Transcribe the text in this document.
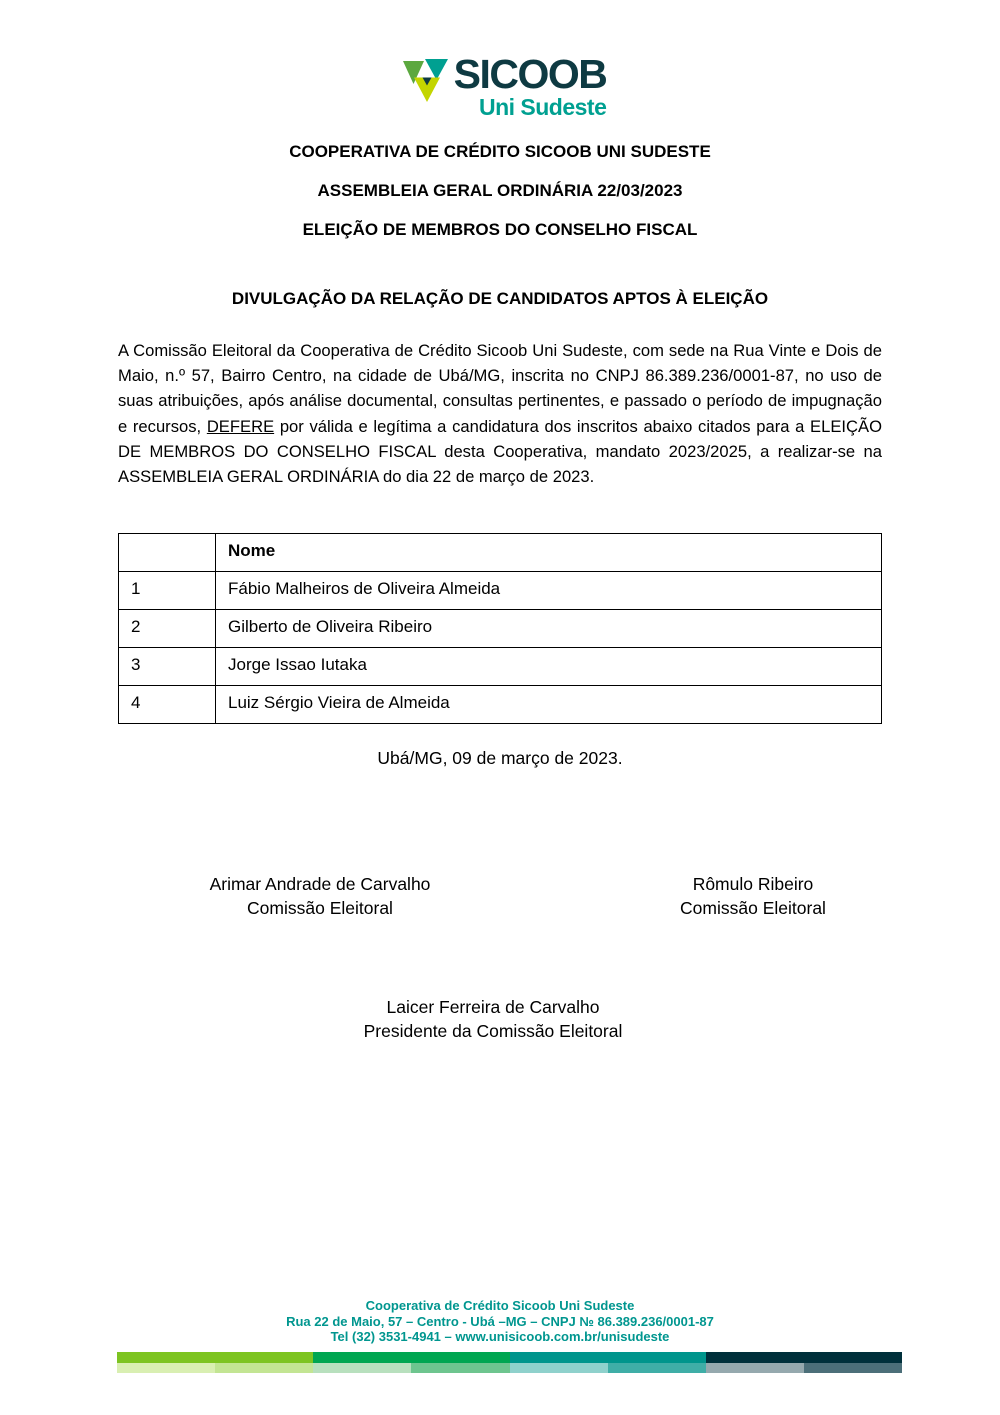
SICOOB
Uni Sudeste
COOPERATIVA DE CRÉDITO SICOOB UNI SUDESTE
ASSEMBLEIA GERAL ORDINÁRIA 22/03/2023
ELEIÇÃO DE MEMBROS DO CONSELHO FISCAL
DIVULGAÇÃO DA RELAÇÃO DE CANDIDATOS APTOS À ELEIÇÃO

A Comissão Eleitoral da Cooperativa de Crédito Sicoob Uni Sudeste, com sede na Rua Vinte e Dois de Maio, n.º 57, Bairro Centro, na cidade de Ubá/MG, inscrita no CNPJ 86.389.236/0001-87, no uso de suas atribuições, após análise documental, consultas pertinentes, e passado o período de impugnação e recursos, DEFERE por válida e legítima a candidatura dos inscritos abaixo citados para a ELEIÇÃO DE MEMBROS DO CONSELHO FISCAL desta Cooperativa, mandato 2023/2025, a realizar-se na ASSEMBLEIA GERAL ORDINÁRIA do dia 22 de março de 2023.

	Nome
1	Fábio Malheiros de Oliveira Almeida
2	Gilberto de Oliveira Ribeiro
3	Jorge Issao Iutaka
4	Luiz Sérgio Vieira de Almeida
Ubá/MG, 09 de março de 2023.
Arimar Andrade de Carvalho
Comissão Eleitoral
Rômulo Ribeiro
Comissão Eleitoral
Laicer Ferreira de Carvalho
Presidente da Comissão Eleitoral
Cooperativa de Crédito Sicoob Uni Sudeste
Rua 22 de Maio, 57 – Centro - Ubá –MG – CNPJ № 86.389.236/0001-87
Tel (32) 3531-4941 – www.unisicoob.com.br/unisudeste
